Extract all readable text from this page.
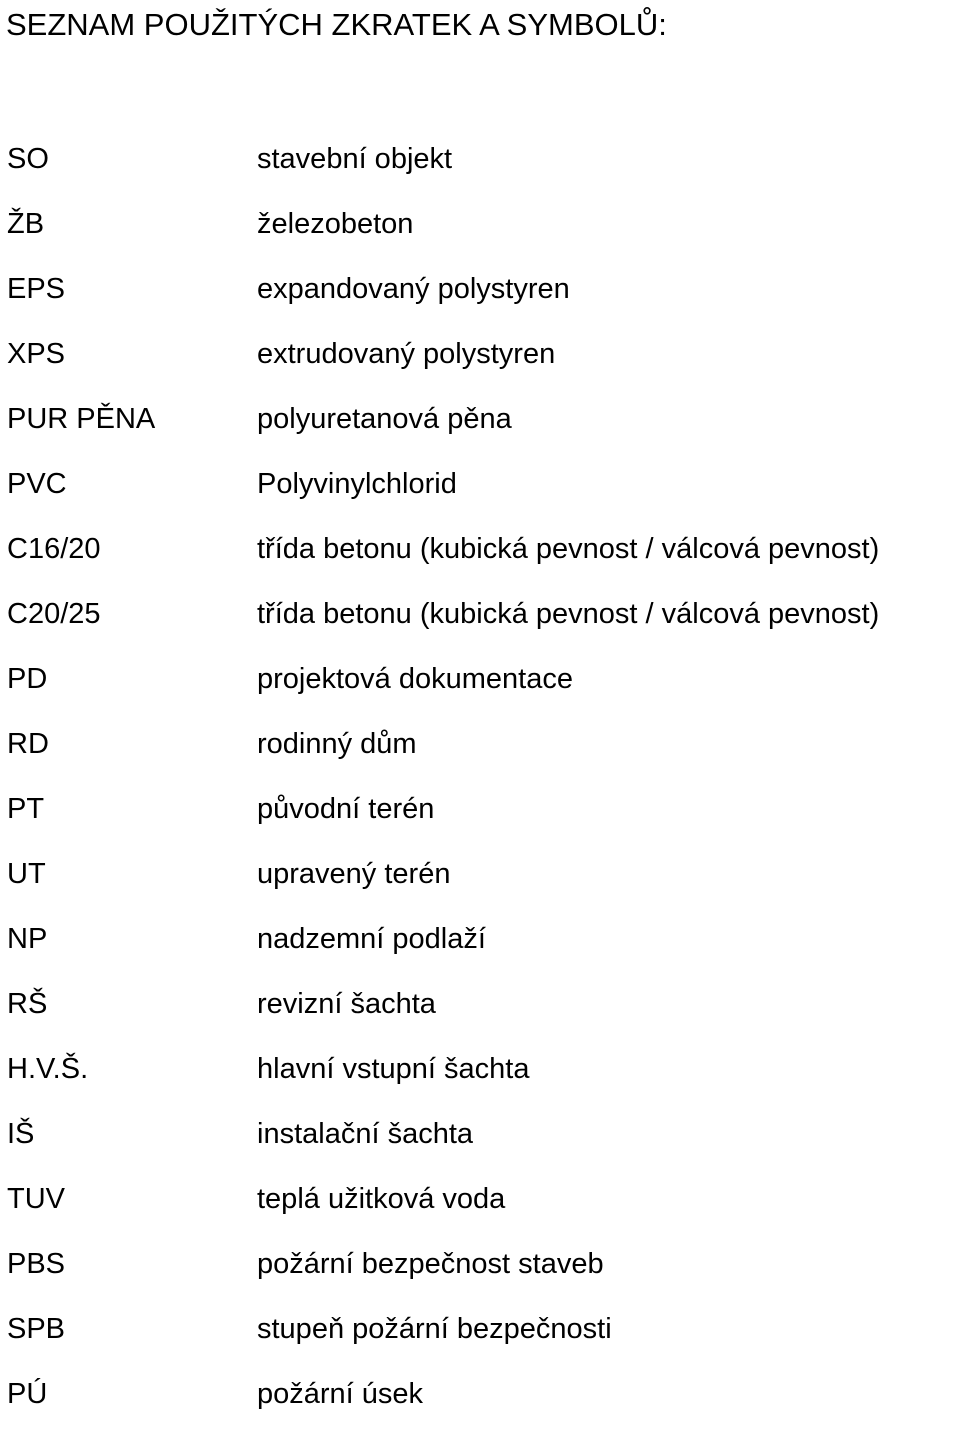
SEZNAM POUŽITÝCH ZKRATEK A SYMBOLŮ:
SO	stavební objekt
ŽB	železobeton
EPS	expandovaný polystyren
XPS	extrudovaný polystyren
PUR PĚNA	polyuretanová pěna
PVC	Polyvinylchlorid
C16/20	třída betonu (kubická pevnost / válcová pevnost)
C20/25	třída betonu (kubická pevnost / válcová pevnost)
PD	projektová dokumentace
RD	rodinný dům
PT	původní terén
UT	upravený terén
NP	nadzemní podlaží
RŠ	revizní šachta
H.V.Š.	hlavní vstupní šachta
IŠ	instalační šachta
TUV	teplá užitková voda
PBS	požární bezpečnost staveb
SPB	stupeň požární bezpečnosti
PÚ	požární úsek
